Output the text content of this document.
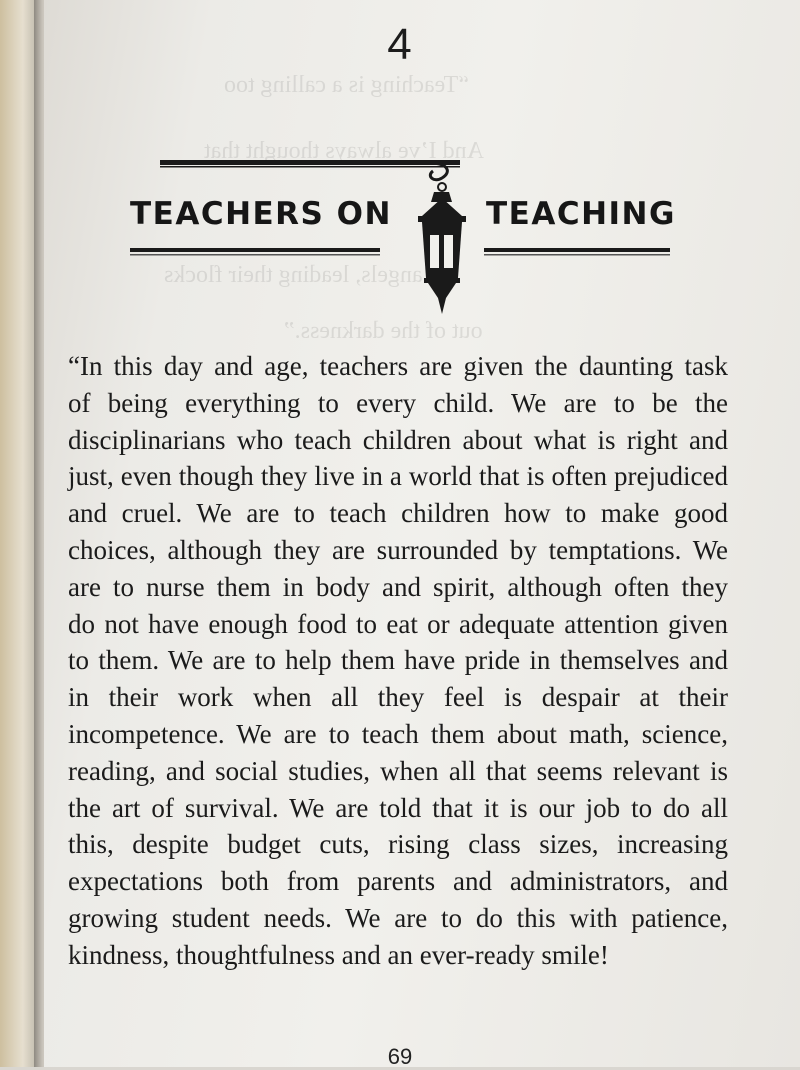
4
TEACHERS ON	TEACHING
“In this day and age, teachers are given the daunting task
of being everything to every child. We are to be the
disciplinarians who teach children about what is right and
just, even though they live in a world that is often prejudiced
and cruel. We are to teach children how to make good
choices, although they are surrounded by temptations. We
are to nurse them in body and spirit, although often they
do not have enough food to eat or adequate attention given
to them. We are to help them have pride in themselves and
in their work when all they feel is despair at their
incompetence. We are to teach them about math, science,
reading, and social studies, when all that seems relevant is
the art of survival. We are told that it is our job to do all
this, despite budget cuts, rising class sizes, increasing
expectations both from parents and administrators, and
growing student needs. We are to do this with patience,
kindness, thoughtfulness and an ever-ready smile!
69
